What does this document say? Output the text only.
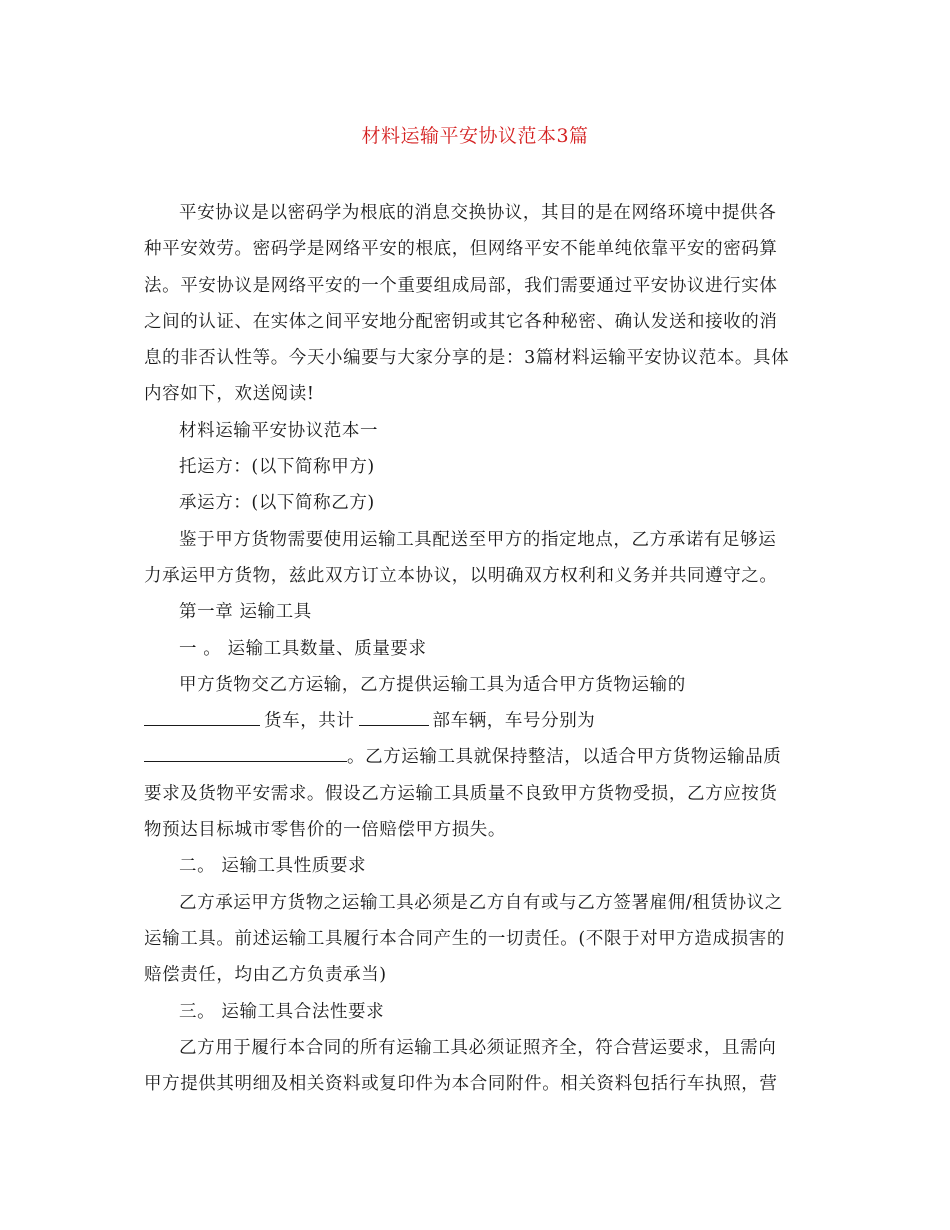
材料运输平安协议范本3篇
平安协议是以密码学为根底的消息交换协议，其目的是在网络环境中提供各
种平安效劳。密码学是网络平安的根底，但网络平安不能单纯依靠平安的密码算
法。平安协议是网络平安的一个重要组成局部，我们需要通过平安协议进行实体
之间的认证、在实体之间平安地分配密钥或其它各种秘密、确认发送和接收的消
息的非否认性等。今天小编要与大家分享的是：3篇材料运输平安协议范本。具体
内容如下，欢送阅读!
材料运输平安协议范本一
托运方：(以下简称甲方)
承运方：(以下简称乙方)
鉴于甲方货物需要使用运输工具配送至甲方的指定地点，乙方承诺有足够运
力承运甲方货物，兹此双方订立本协议，以明确双方权利和义务并共同遵守之。
第一章 运输工具
一 。 运输工具数量、质量要求
甲方货物交乙方运输，乙方提供运输工具为适合甲方货物运输的
货车，共计	部车辆，车号分别为
。乙方运输工具就保持整洁，以适合甲方货物运输品质
要求及货物平安需求。假设乙方运输工具质量不良致甲方货物受损，乙方应按货
物预达目标城市零售价的一倍赔偿甲方损失。
二。 运输工具性质要求
乙方承运甲方货物之运输工具必须是乙方自有或与乙方签署雇佣/租赁协议之
运输工具。前述运输工具履行本合同产生的一切责任。(不限于对甲方造成损害的
赔偿责任，均由乙方负责承当)
三。 运输工具合法性要求
乙方用于履行本合同的所有运输工具必须证照齐全，符合营运要求，且需向
甲方提供其明细及相关资料或复印件为本合同附件。相关资料包括行车执照，营
